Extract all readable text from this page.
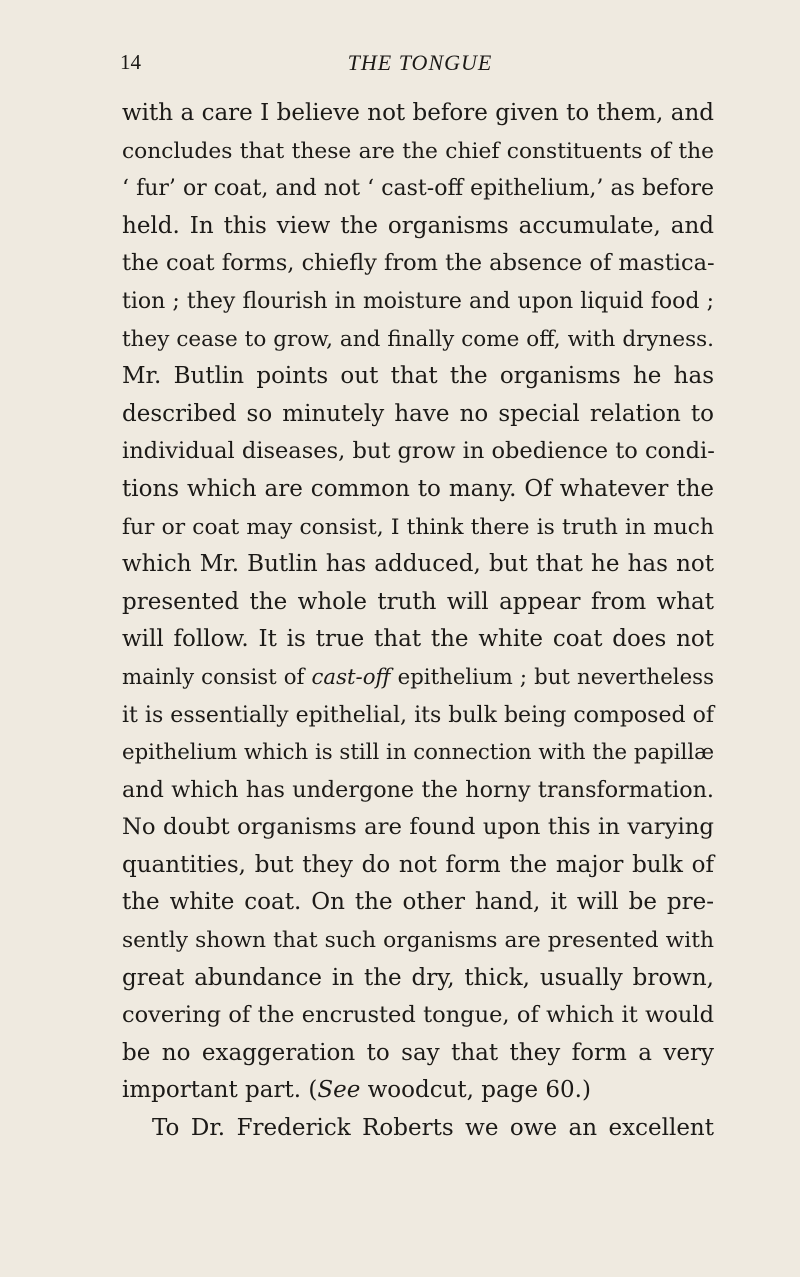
14	THE TONGUE
with a care I believe not before given to them, and
concludes that these are the chief constituents of the
‘ fur’ or coat, and not ‘ cast-off epithelium,’ as before
held. In this view the organisms accumulate, and
the coat forms, chiefly from the absence of mastica-
tion ; they flourish in moisture and upon liquid food ;
they cease to grow, and finally come off, with dryness.
Mr. Butlin points out that the organisms he has
described so minutely have no special relation to
individual diseases, but grow in obedience to condi-
tions which are common to many. Of whatever the
fur or coat may consist, I think there is truth in much
which Mr. Butlin has adduced, but that he has not
presented the whole truth will appear from what
will follow. It is true that the white coat does not
mainly consist of cast-off epithelium ; but nevertheless
it is essentially epithelial, its bulk being composed of
epithelium which is still in connection with the papillæ
and which has undergone the horny transformation.
No doubt organisms are found upon this in varying
quantities, but they do not form the major bulk of
the white coat. On the other hand, it will be pre-
sently shown that such organisms are presented with
great abundance in the dry, thick, usually brown,
covering of the encrusted tongue, of which it would
be no exaggeration to say that they form a very
important part. (See woodcut, page 60.)
To Dr. Frederick Roberts we owe an excellent
